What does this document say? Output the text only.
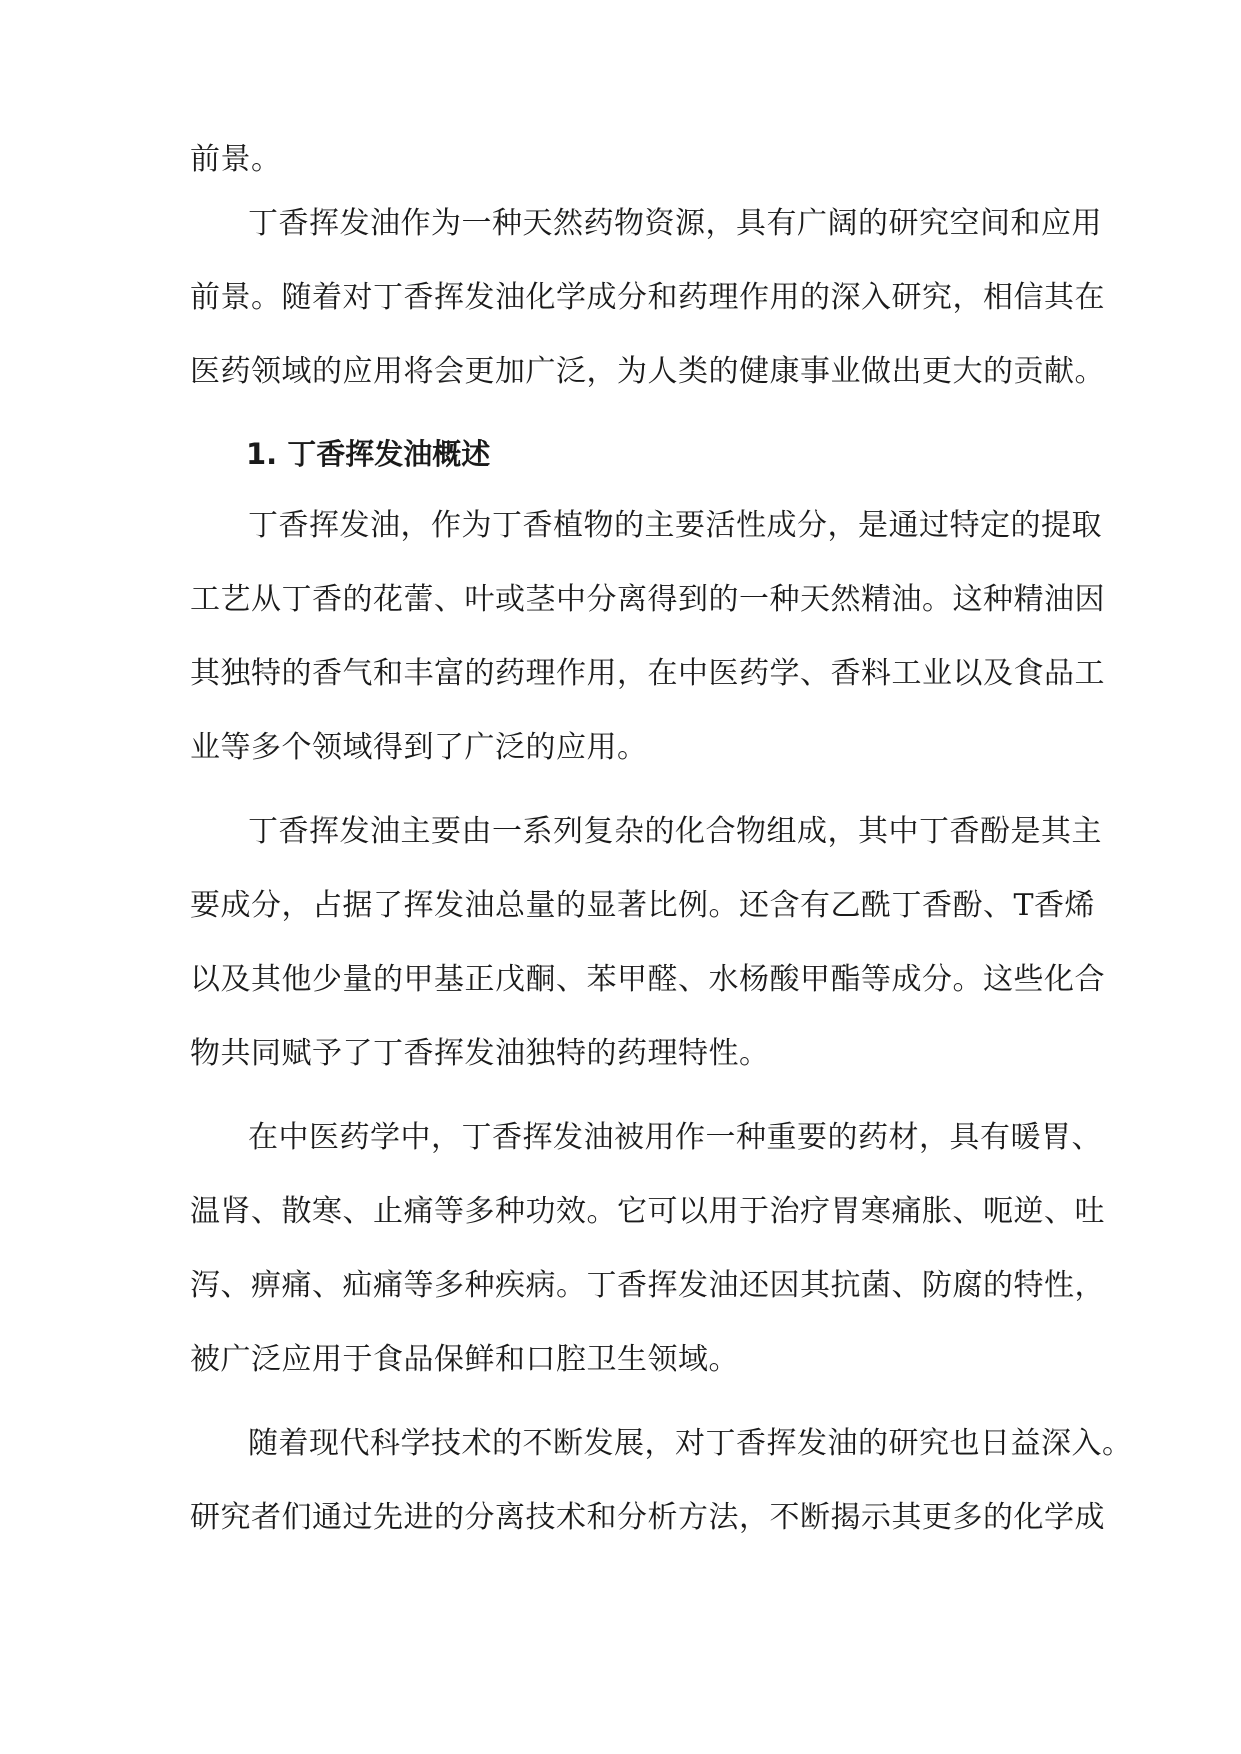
前景。
丁香挥发油作为一种天然药物资源，具有广阔的研究空间和应用
前景。随着对丁香挥发油化学成分和药理作用的深入研究，相信其在
医药领域的应用将会更加广泛，为人类的健康事业做出更大的贡献。
1. 丁香挥发油概述
丁香挥发油，作为丁香植物的主要活性成分，是通过特定的提取
工艺从丁香的花蕾、叶或茎中分离得到的一种天然精油。这种精油因
其独特的香气和丰富的药理作用，在中医药学、香料工业以及食品工
业等多个领域得到了广泛的应用。
丁香挥发油主要由一系列复杂的化合物组成，其中丁香酚是其主
要成分，占据了挥发油总量的显著比例。还含有乙酰丁香酚、T香烯
以及其他少量的甲基正戊酮、苯甲醛、水杨酸甲酯等成分。这些化合
物共同赋予了丁香挥发油独特的药理特性。
在中医药学中，丁香挥发油被用作一种重要的药材，具有暖胃、
温肾、散寒、止痛等多种功效。它可以用于治疗胃寒痛胀、呃逆、吐
泻、痹痛、疝痛等多种疾病。丁香挥发油还因其抗菌、防腐的特性，
被广泛应用于食品保鲜和口腔卫生领域。
随着现代科学技术的不断发展，对丁香挥发油的研究也日益深入。
研究者们通过先进的分离技术和分析方法，不断揭示其更多的化学成
